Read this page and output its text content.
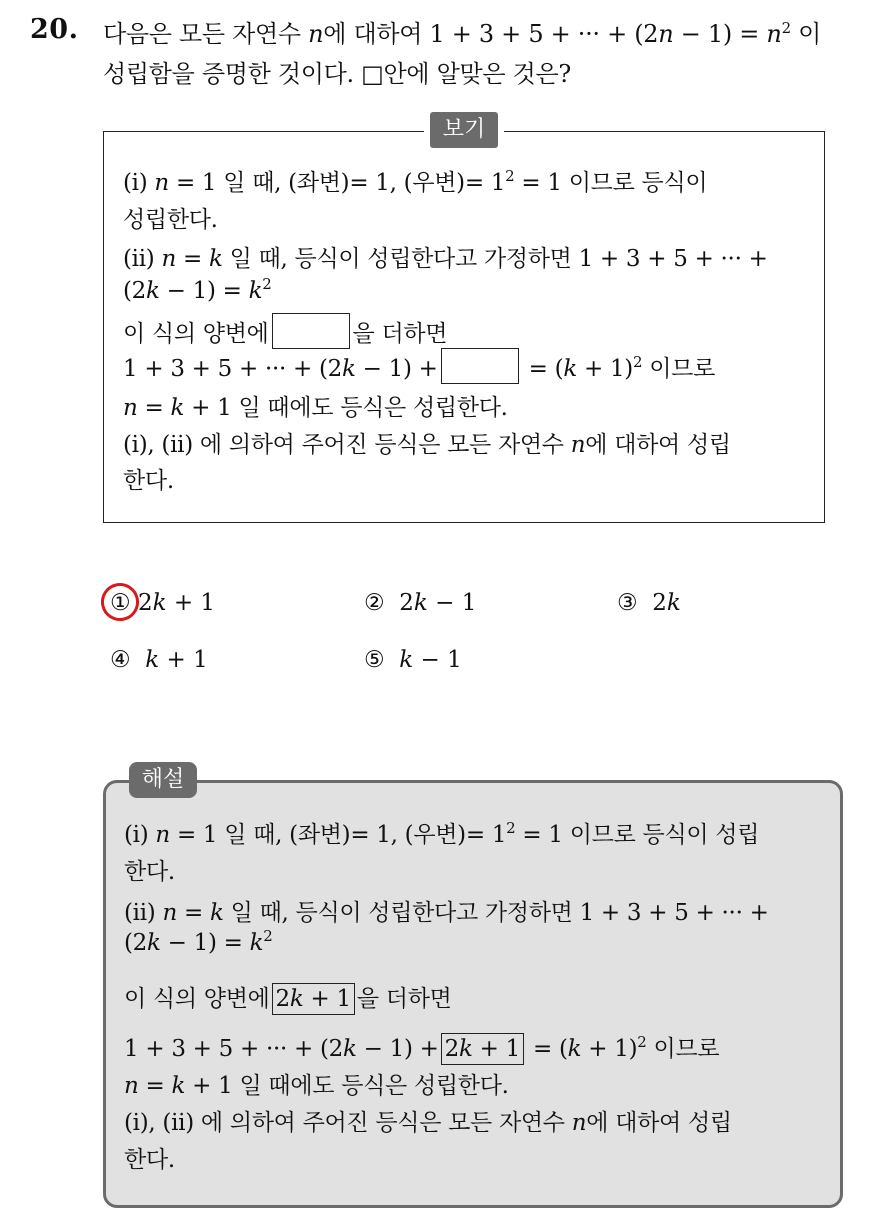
20. 다음은 모든 자연수 n에 대하여 1 + 3 + 5 + ··· + $(2n - 1) = n^2$ 이
성립함을 증명한 것이다. □안에 알맞은 것은?
보기
(i) n = 1 일 때, (좌변)= 1, (우변)= $1^2 = 1$ 이므로 등식이
성립한다.
(ii) n = k 일 때, 등식이 성립한다고 가정하면 1 + 3 + 5 + ··· +
$(2k - 1) = k^2$
이 식의 양변에	을 더하면
1 + 3 + 5 + ··· + (2k − 1) +	= $(k + 1)^2$ 이므로
n = k + 1 일 때에도 등식은 성립한다.
(i), (ii) 에 의하여 주어진 등식은 모든 자연수 n에 대하여 성립
한다.
① 2k + 1	② 2k − 1	③ 2k
④ k + 1	⑤ k − 1
해설
(i) n = 1 일 때, (좌변)= 1, (우변)= $1^2 = 1$ 이므로 등식이 성립
한다.
(ii) n = k 일 때, 등식이 성립한다고 가정하면 1 + 3 + 5 + ··· +
$(2k - 1) = k^2$
이 식의 양변에 2k + 1 을 더하면
1 + 3 + 5 + ··· + $(2k - 1) + 2k + 1 = (k + 1)^2$ 이므로
n = k + 1 일 때에도 등식은 성립한다.
(i), (ii) 에 의하여 주어진 등식은 모든 자연수 n에 대하여 성립
한다.
